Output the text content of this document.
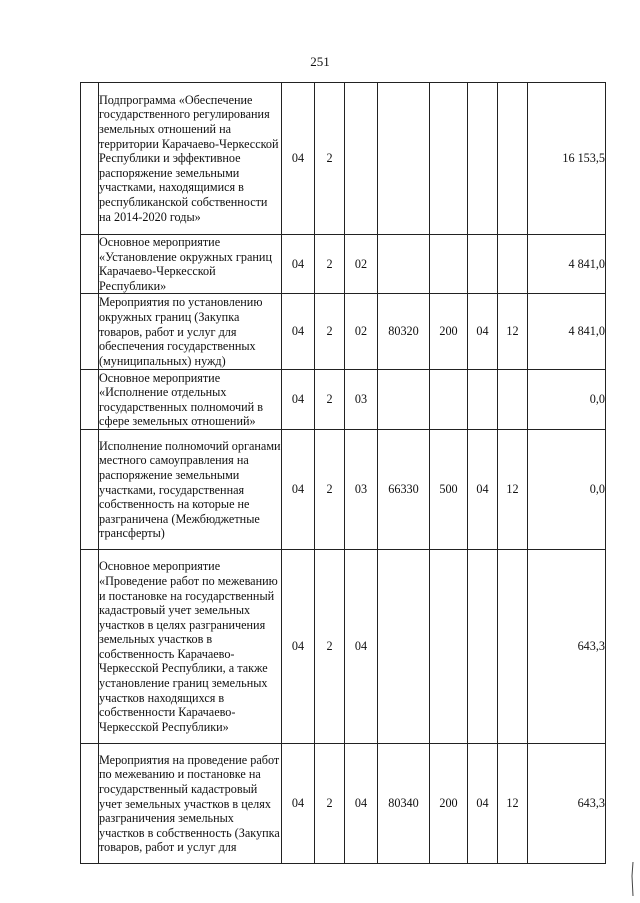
251
	Подпрограмма «Обеспечение государственного регулирования земельных отношений на территории Карачаево-Черкесской Республики и эффективное распоряжение земельными участками, находящимися в республиканской собственности на 2014-2020 годы»	04	2						16 153,5
	Основное мероприятие «Установление окружных границ Карачаево-Черкесской Республики»	04	2	02					4 841,0
	Мероприятия по установлению окружных границ (Закупка товаров, работ и услуг для обеспечения государственных (муниципальных) нужд)	04	2	02	80320	200	04	12	4 841,0
	Основное мероприятие «Исполнение отдельных государственных полномочий в сфере земельных отношений»	04	2	03					0,0
	Исполнение полномочий органами местного самоуправления на распоряжение земельными участками, государственная собственность на которые не разграничена (Межбюджетные трансферты)	04	2	03	66330	500	04	12	0,0
	Основное мероприятие «Проведение работ по межеванию и постановке на государственный кадастровый учет земельных участков в целях разграничения земельных участков в собственность Карачаево-Черкесской Республики, а также установление границ земельных участков находящихся в собственности Карачаево-Черкесской Республики»	04	2	04					643,3
	Мероприятия на проведение работ по межеванию и постановке на государственный кадастровый учет земельных участков в целях разграничения земельных участков в собственность (Закупка товаров, работ и услуг для	04	2	04	80340	200	04	12	643,3
